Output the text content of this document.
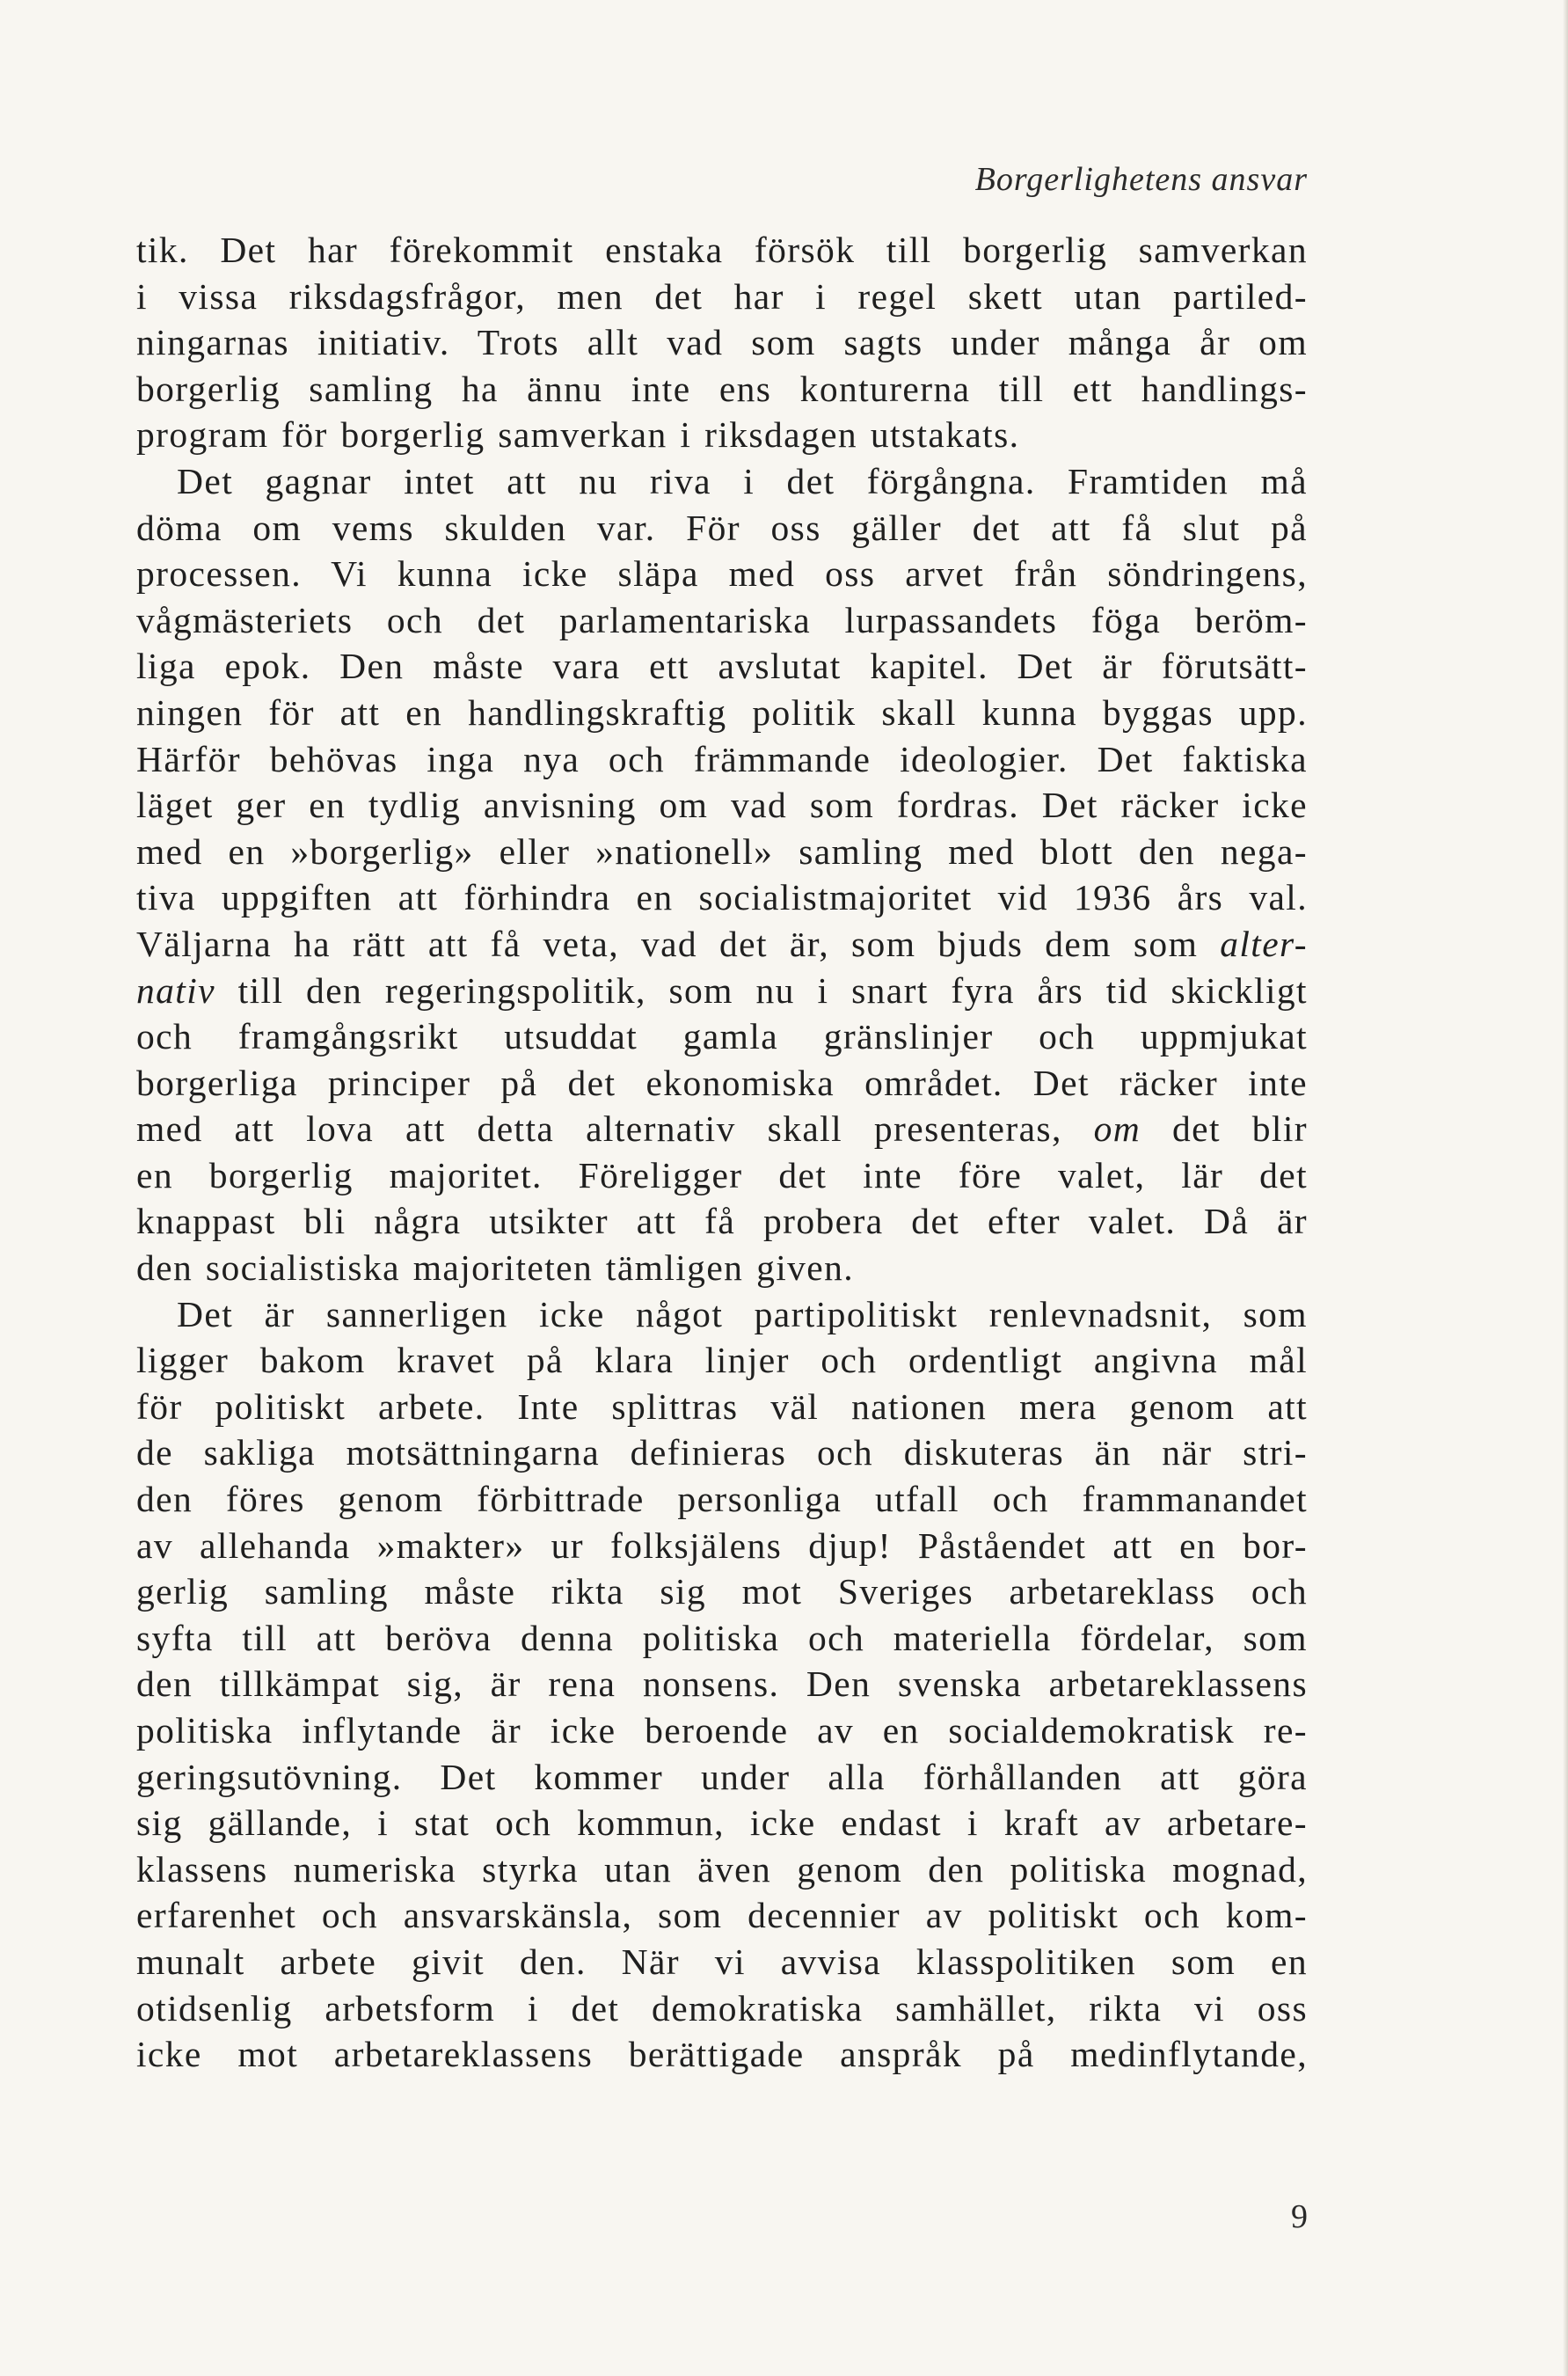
Borgerlighetens ansvar
tik. Det har förekommit enstaka försök till borgerlig samverkan
i vissa riksdagsfrågor, men det har i regel skett utan partiled-
ningarnas initiativ. Trots allt vad som sagts under många år om
borgerlig samling ha ännu inte ens konturerna till ett handlings-
program för borgerlig samverkan i riksdagen utstakats.
Det gagnar intet att nu riva i det förgångna. Framtiden må
döma om vems skulden var. För oss gäller det att få slut på
processen. Vi kunna icke släpa med oss arvet från söndringens,
vågmästeriets och det parlamentariska lurpassandets föga beröm-
liga epok. Den måste vara ett avslutat kapitel. Det är förutsätt-
ningen för att en handlingskraftig politik skall kunna byggas upp.
Härför behövas inga nya och främmande ideologier. Det faktiska
läget ger en tydlig anvisning om vad som fordras. Det räcker icke
med en »borgerlig» eller »nationell» samling med blott den nega-
tiva uppgiften att förhindra en socialistmajoritet vid 1936 års val.
Väljarna ha rätt att få veta, vad det är, som bjuds dem som alter-
nativ till den regeringspolitik, som nu i snart fyra års tid skickligt
och framgångsrikt utsuddat gamla gränslinjer och uppmjukat
borgerliga principer på det ekonomiska området. Det räcker inte
med att lova att detta alternativ skall presenteras, om det blir
en borgerlig majoritet. Föreligger det inte före valet, lär det
knappast bli några utsikter att få probera det efter valet. Då är
den socialistiska majoriteten tämligen given.
Det är sannerligen icke något partipolitiskt renlevnadsnit, som
ligger bakom kravet på klara linjer och ordentligt angivna mål
för politiskt arbete. Inte splittras väl nationen mera genom att
de sakliga motsättningarna definieras och diskuteras än när stri-
den föres genom förbittrade personliga utfall och frammanandet
av allehanda »makter» ur folksjälens djup! Påståendet att en bor-
gerlig samling måste rikta sig mot Sveriges arbetareklass och
syfta till att beröva denna politiska och materiella fördelar, som
den tillkämpat sig, är rena nonsens. Den svenska arbetareklassens
politiska inflytande är icke beroende av en socialdemokratisk re-
geringsutövning. Det kommer under alla förhållanden att göra
sig gällande, i stat och kommun, icke endast i kraft av arbetare-
klassens numeriska styrka utan även genom den politiska mognad,
erfarenhet och ansvarskänsla, som decennier av politiskt och kom-
munalt arbete givit den. När vi avvisa klasspolitiken som en
otidsenlig arbetsform i det demokratiska samhället, rikta vi oss
icke mot arbetareklassens berättigade anspråk på medinflytande,
9
